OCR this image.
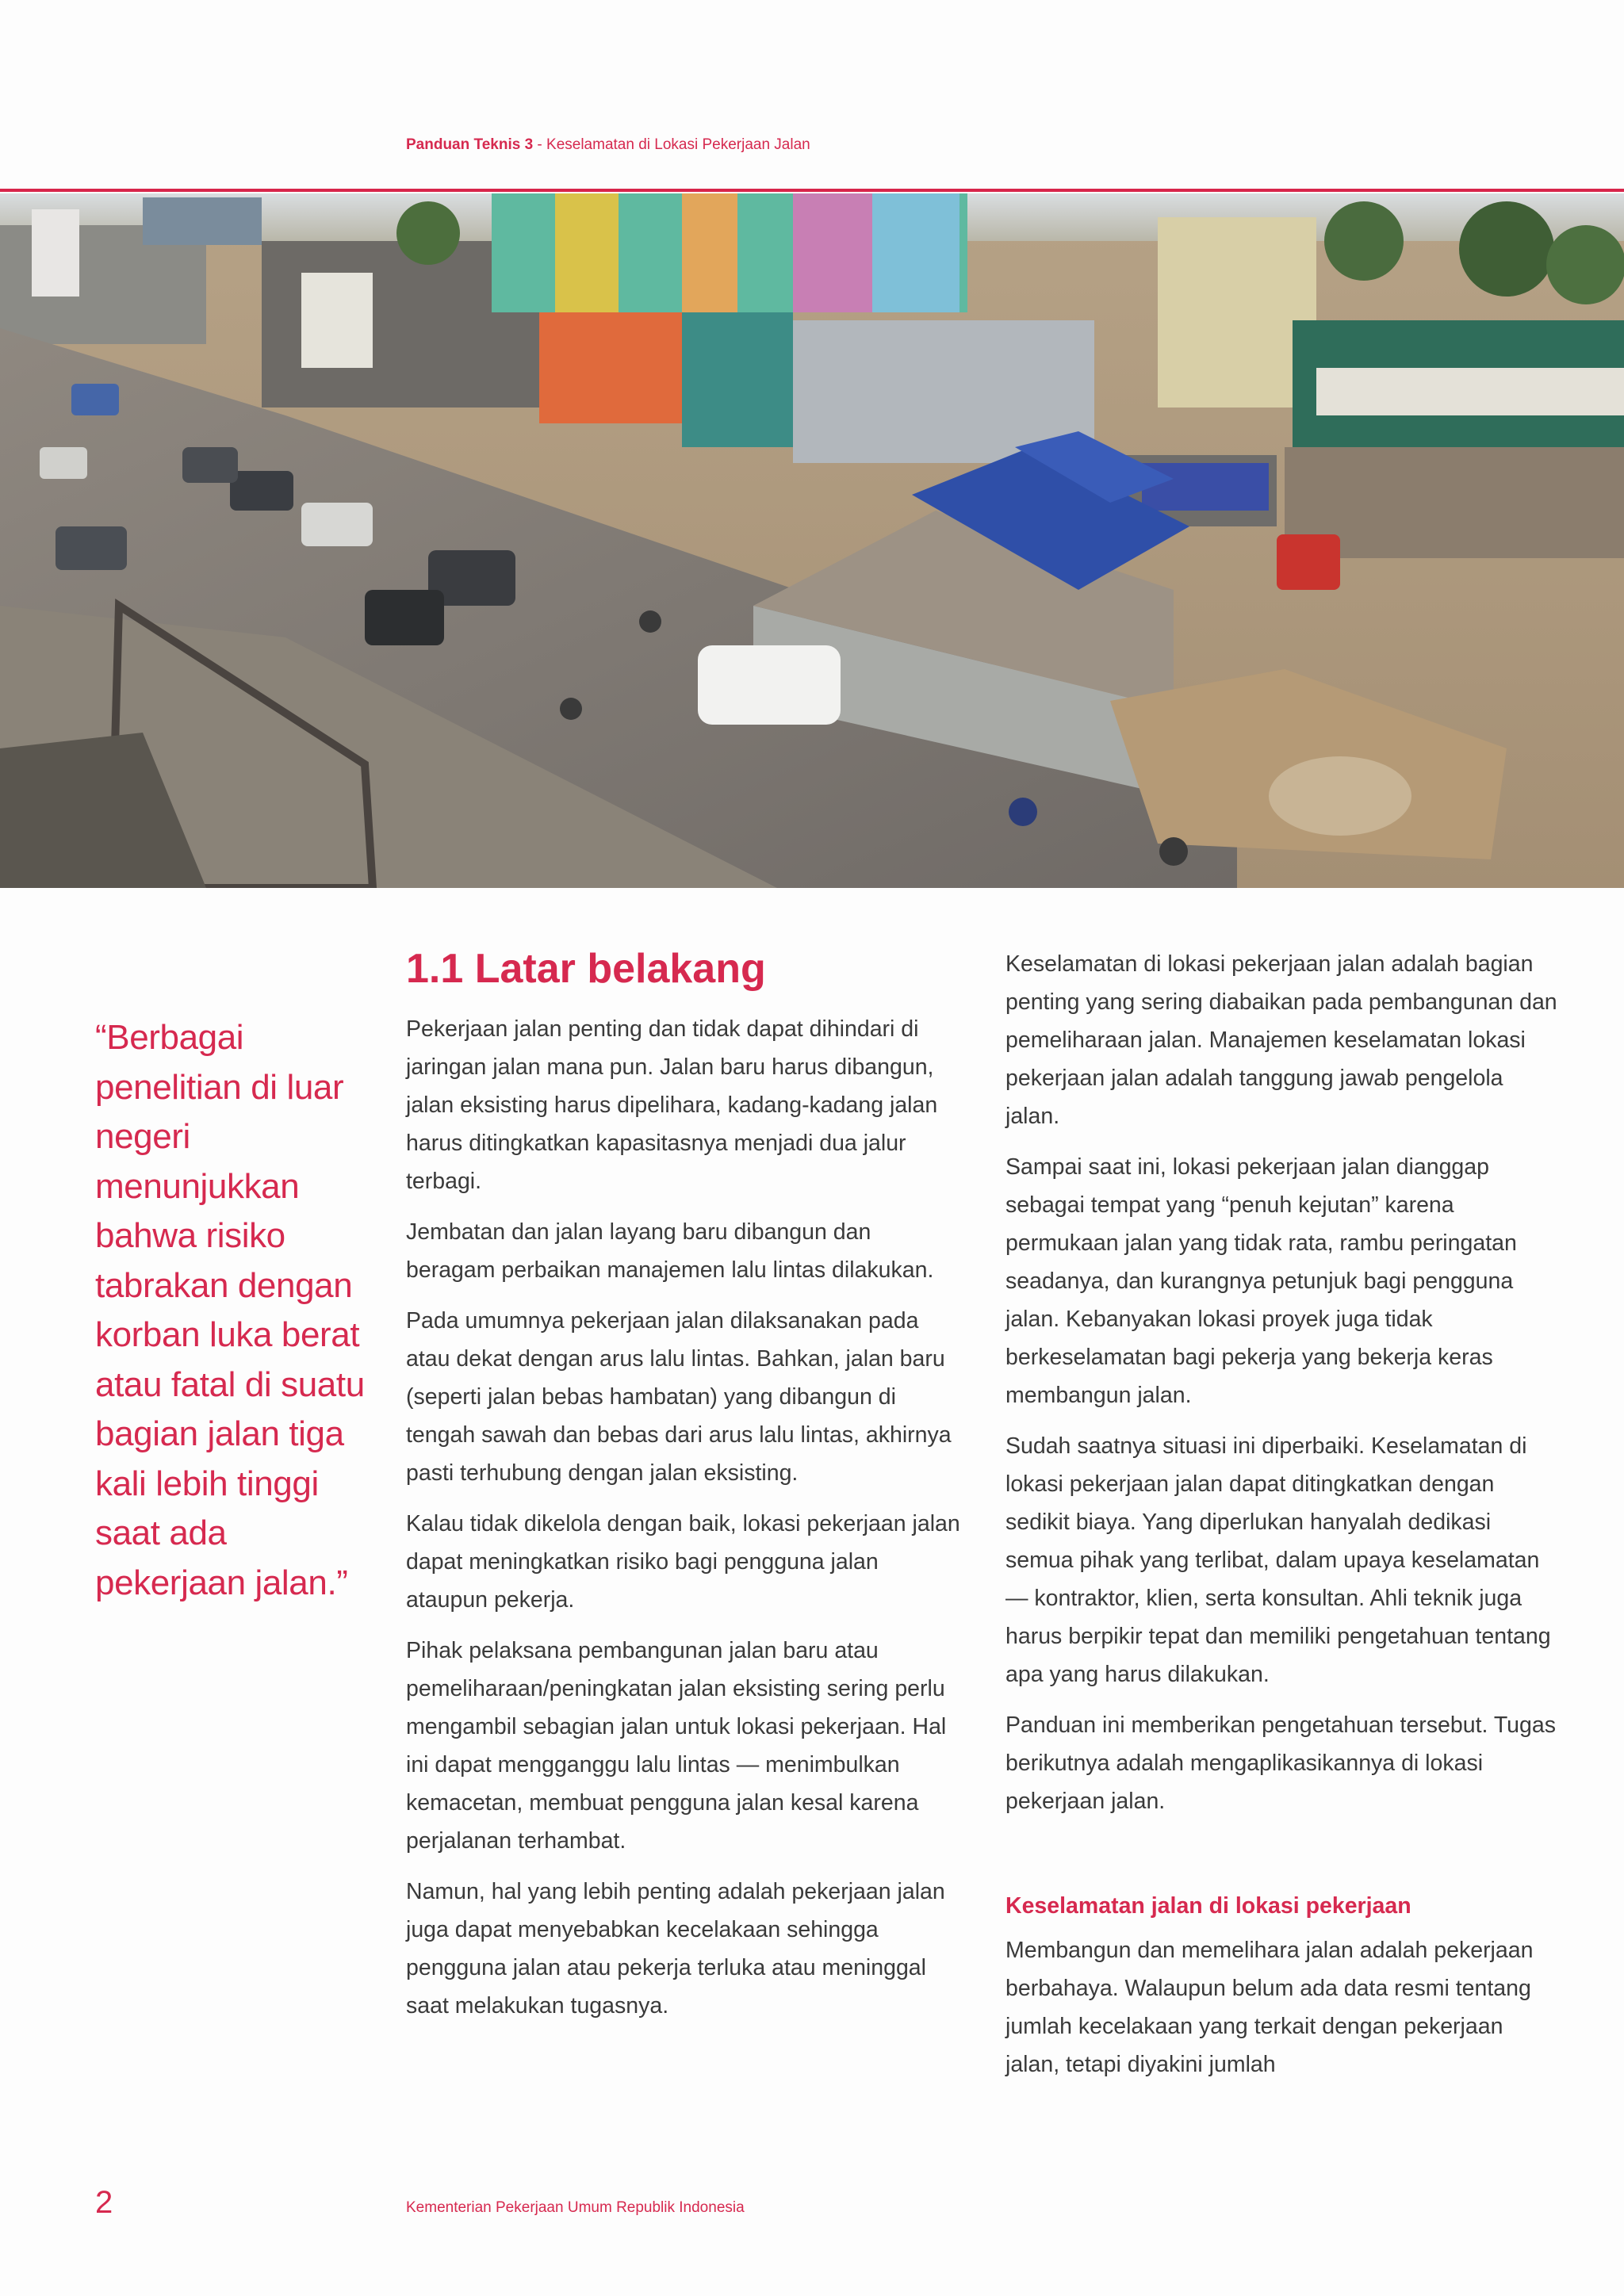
Panduan Teknis 3 - Keselamatan di Lokasi Pekerjaan Jalan
“Berbagai penelitian di luar negeri menunjukkan bahwa risiko tabrakan dengan korban luka berat atau fatal di suatu bagian jalan tiga kali lebih tinggi saat ada pekerjaan jalan.”
1.1 Latar belakang

Pekerjaan jalan penting dan tidak dapat dihindari di jaringan jalan mana pun. Jalan baru harus dibangun, jalan eksisting harus dipelihara, kadang-kadang jalan harus ditingkatkan kapasitasnya menjadi dua jalur terbagi.

Jembatan dan jalan layang baru dibangun dan beragam perbaikan manajemen lalu lintas dilakukan.

Pada umumnya pekerjaan jalan dilaksanakan pada atau dekat dengan arus lalu lintas. Bahkan, jalan baru (seperti jalan bebas hambatan) yang dibangun di tengah sawah dan bebas dari arus lalu lintas, akhirnya pasti terhubung dengan jalan eksisting.

Kalau tidak dikelola dengan baik, lokasi pekerjaan jalan dapat meningkatkan risiko bagi pengguna jalan ataupun pekerja.

Pihak pelaksana pembangunan jalan baru atau pemeliharaan/peningkatan jalan eksisting sering perlu mengambil sebagian jalan untuk lokasi pekerjaan. Hal ini dapat mengganggu lalu lintas — menimbulkan kemacetan, membuat pengguna jalan kesal karena perjalanan terhambat.

Namun, hal yang lebih penting adalah pekerjaan jalan juga dapat menyebabkan kecelakaan sehingga pengguna jalan atau pekerja terluka atau meninggal saat melakukan tugasnya.

Keselamatan di lokasi pekerjaan jalan adalah bagian penting yang sering diabaikan pada pembangunan dan pemeliharaan jalan. Manajemen keselamatan lokasi pekerjaan jalan adalah tanggung jawab pengelola jalan.

Sampai saat ini, lokasi pekerjaan jalan dianggap sebagai tempat yang “penuh kejutan” karena permukaan jalan yang tidak rata, rambu peringatan seadanya, dan kurangnya petunjuk bagi pengguna jalan. Kebanyakan lokasi proyek juga tidak berkeselamatan bagi pekerja yang bekerja keras membangun jalan.

Sudah saatnya situasi ini diperbaiki. Keselamatan di lokasi pekerjaan jalan dapat ditingkatkan dengan sedikit biaya. Yang diperlukan hanyalah dedikasi semua pihak yang terlibat, dalam upaya keselamatan — kontraktor, klien, serta konsultan. Ahli teknik juga harus berpikir tepat dan memiliki pengetahuan tentang apa yang harus dilakukan.

Panduan ini memberikan pengetahuan tersebut. Tugas berikutnya adalah mengaplikasikannya di lokasi pekerjaan jalan.

Keselamatan jalan di lokasi pekerjaan

Membangun dan memelihara jalan adalah pekerjaan berbahaya. Walaupun belum ada data resmi tentang jumlah kecelakaan yang terkait dengan pekerjaan jalan, tetapi diyakini jumlah

2	Kementerian Pekerjaan Umum Republik Indonesia
